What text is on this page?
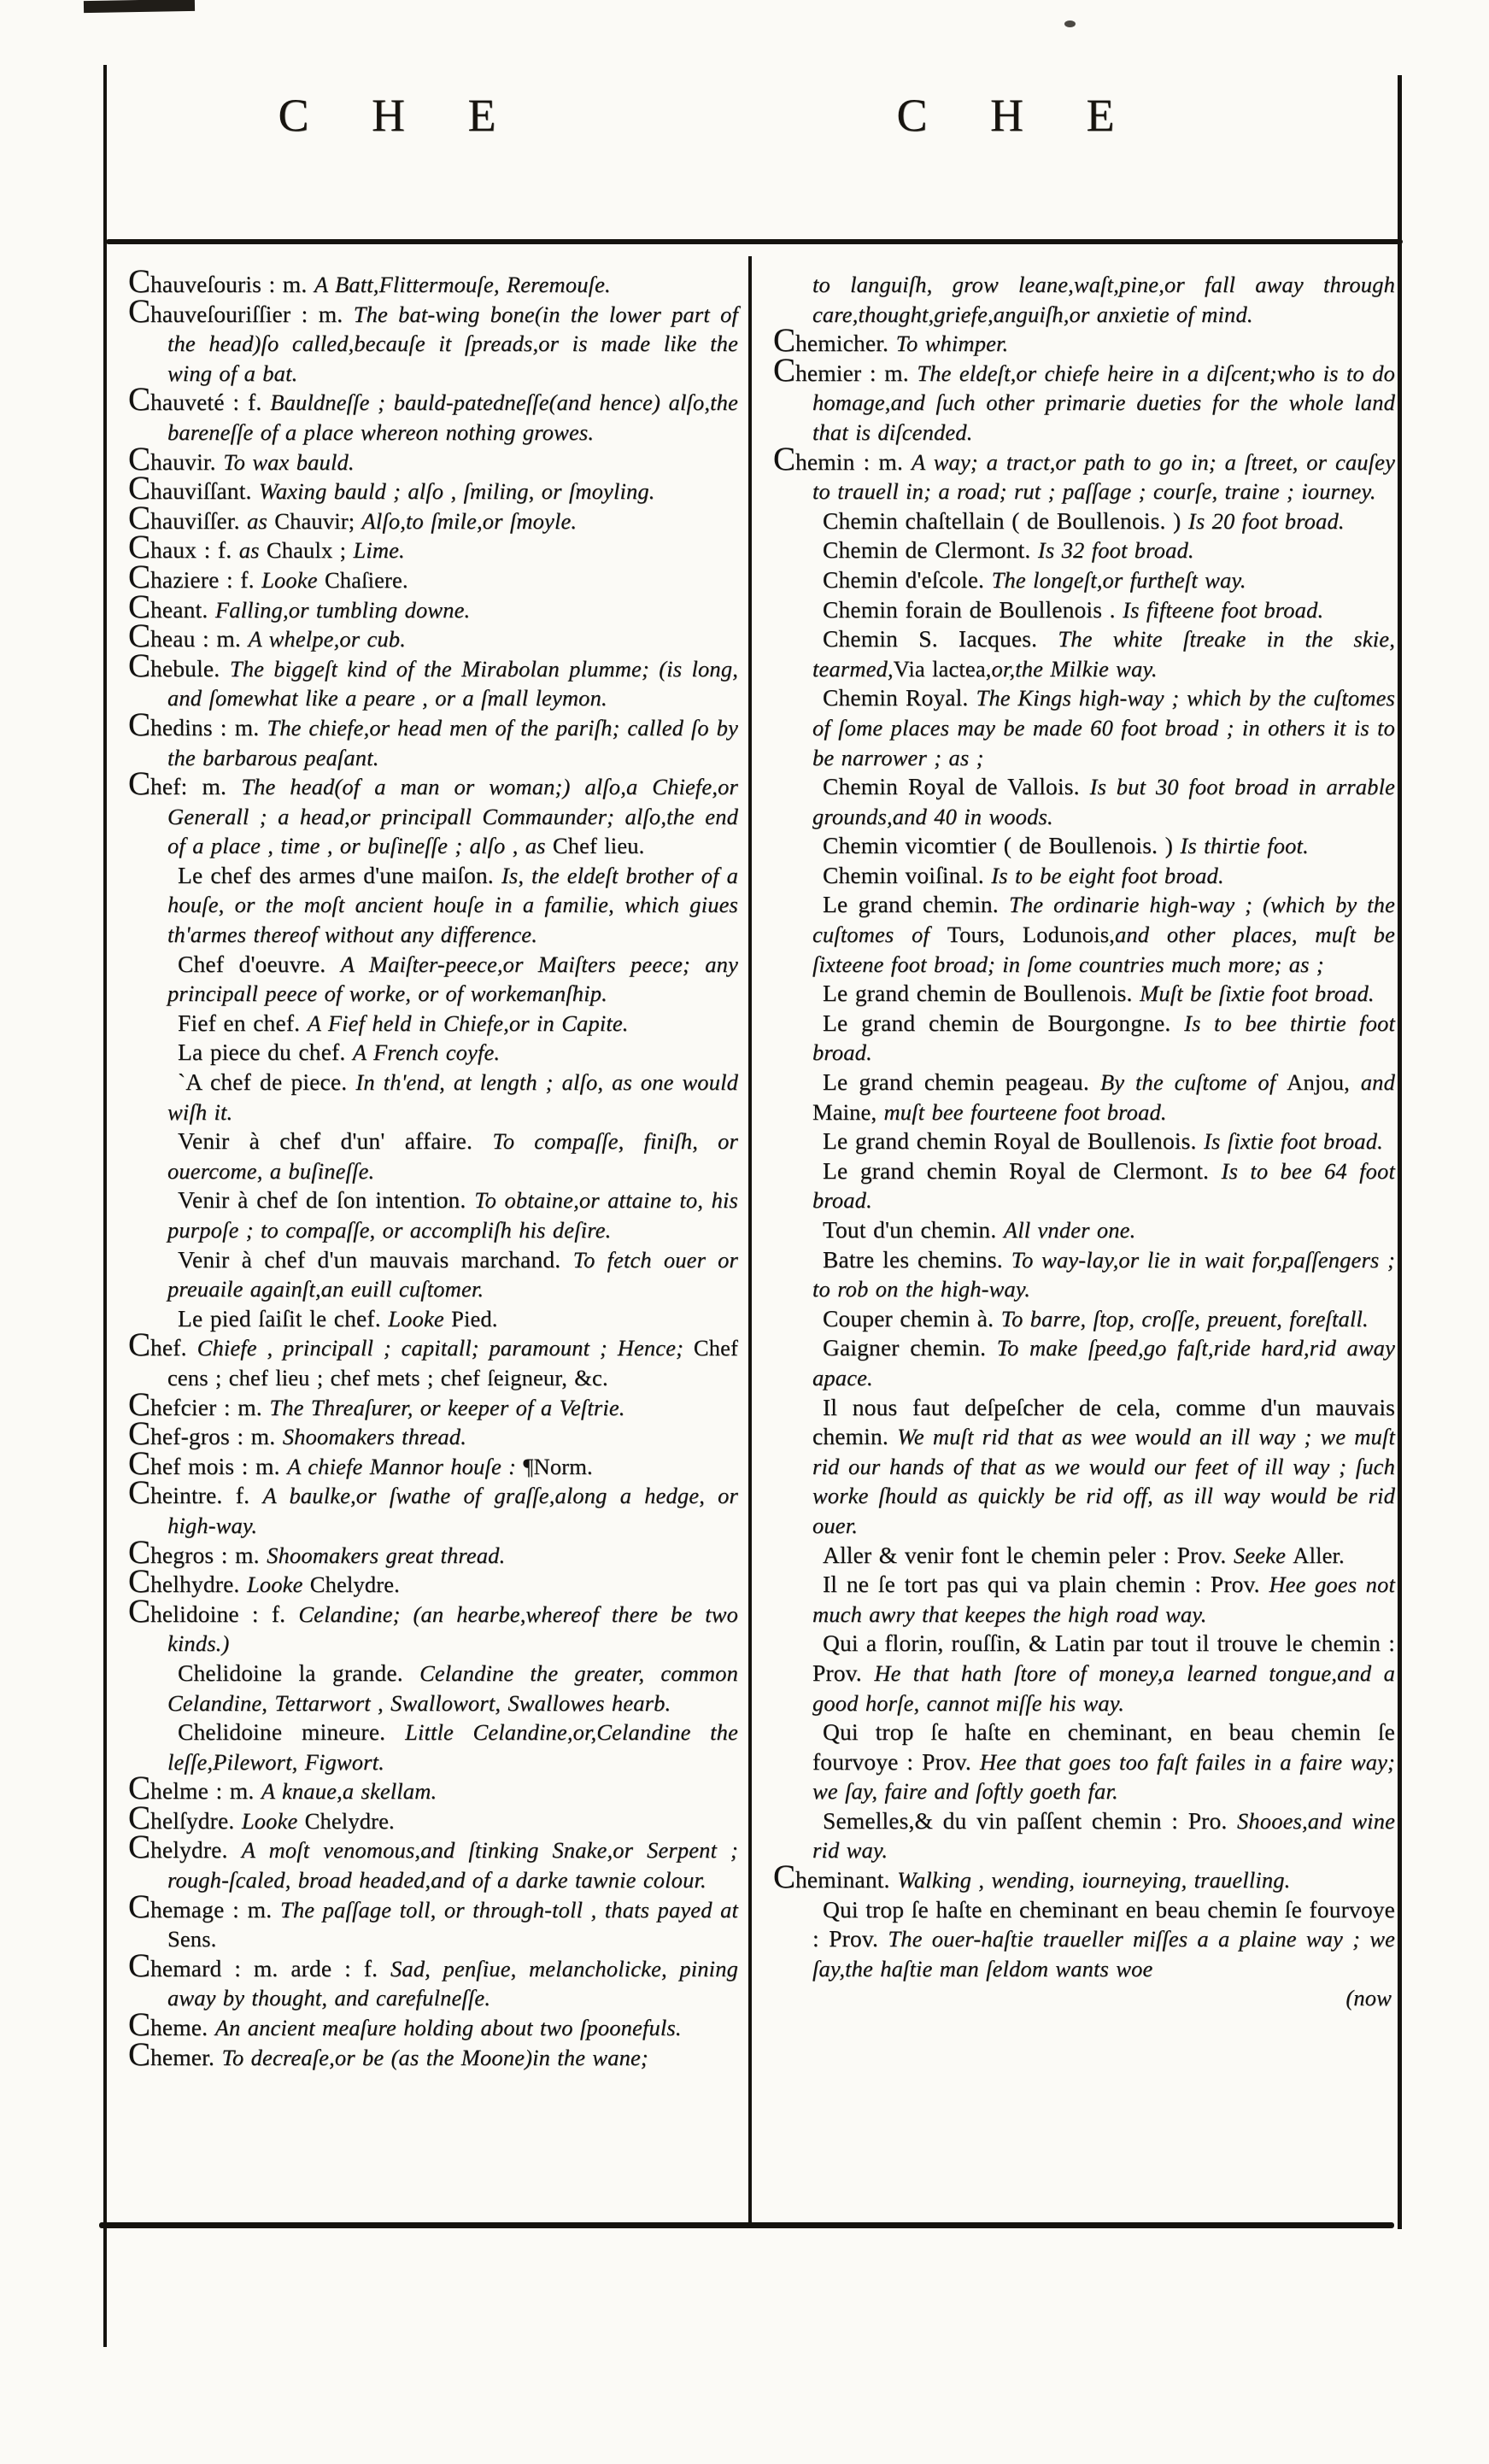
C H E	C H E

Chauveſouris : m. A Batt,Flittermouſe, Reremouſe.

Chauveſouriſſier : m. The bat-wing bone(in the lower part of the head)ſo called,becauſe it ſpreads,or is made like the wing of a bat.

Chauveté : f. Bauldneſſe ; bauld-patedneſſe(and hence) alſo,the bareneſſe of a place whereon nothing growes.

Chauvir. To wax bauld.

Chauviſſant. Waxing bauld ; alſo , ſmiling, or ſmoyling.

Chauviſſer. as Chauvir; Alſo,to ſmile,or ſmoyle.

Chaux : f. as Chaulx ; Lime.

Chaziere : f. Looke Chaſiere.

Cheant. Falling,or tumbling downe.

Cheau : m. A whelpe,or cub.

Chebule. The biggeſt kind of the Mirabolan plumme; (is long, and ſomewhat like a peare , or a ſmall leymon.

Chedins : m. The chiefe,or head men of the pariſh; called ſo by the barbarous peaſant.

Chef: m. The head(of a man or woman;) alſo,a Chiefe,or Generall ; a head,or principall Commaunder; alſo,the end of a place , time , or buſineſſe ; alſo , as Chef lieu.

Le chef des armes d'une maiſon. Is, the eldeſt brother of a houſe, or the moſt ancient houſe in a familie, which giues th'armes thereof without any difference.

Chef d'oeuvre. A Maiſter-peece,or Maiſters peece; any principall peece of worke, or of workemanſhip.

Fief en chef. A Fief held in Chiefe,or in Capite.

La piece du chef. A French coyfe.

`A chef de piece. In th'end, at length ; alſo, as one would wiſh it.

Venir à chef d'un' affaire. To compaſſe, finiſh, or ouercome, a buſineſſe.

Venir à chef de ſon intention. To obtaine,or attaine to, his purpoſe ; to compaſſe, or accompliſh his deſire.

Venir à chef d'un mauvais marchand. To fetch ouer or preuaile againſt,an euill cuſtomer.

Le pied ſaiſit le chef. Looke Pied.

Chef. Chiefe , principall ; capitall; paramount ; Hence; Chef cens ; chef lieu ; chef mets ; chef ſeigneur, &c.

Chefcier : m. The Threaſurer, or keeper of a Veſtrie.

Chef-gros : m. Shoomakers thread.

Chef mois : m. A chiefe Mannor houſe : ¶Norm.

Cheintre. f. A baulke,or ſwathe of graſſe,along a hedge, or high-way.

Chegros : m. Shoomakers great thread.

Chelhydre. Looke Chelydre.

Chelidoine : f. Celandine; (an hearbe,whereof there be two kinds.)

Chelidoine la grande. Celandine the greater, common Celandine, Tettarwort , Swallowort, Swallowes hearb.

Chelidoine mineure. Little Celandine,or,Celandine the leſſe,Pilewort, Figwort.

Chelme : m. A knaue,a skellam.

Chelſydre. Looke Chelydre.

Chelydre. A moſt venomous,and ſtinking Snake,or Serpent ; rough-ſcaled, broad headed,and of a darke tawnie colour.

Chemage : m. The paſſage toll, or through-toll , thats payed at Sens.

Chemard : m. arde : f. Sad, penſiue, melancholicke, pining away by thought, and carefulneſſe.

Cheme. An ancient meaſure holding about two ſpoonefuls.

Chemer. To decreaſe,or be (as the Moone)in the wane;

to languiſh, grow leane,waſt,pine,or fall away through care,thought,griefe,anguiſh,or anxietie of mind.

Chemicher. To whimper.

Chemier : m. The eldeſt,or chiefe heire in a diſcent;who is to do homage,and ſuch other primarie dueties for the whole land that is diſcended.

Chemin : m. A way; a tract,or path to go in; a ſtreet, or cauſey to trauell in; a road; rut ; paſſage ; courſe, traine ; iourney.

Chemin chaſtellain ( de Boullenois. ) Is 20 foot broad.

Chemin de Clermont. Is 32 foot broad.

Chemin d'eſcole. The longeſt,or furtheſt way.

Chemin forain de Boullenois . Is fifteene foot broad.

Chemin S. Iacques. The white ſtreake in the skie, tearmed,Via lactea,or,the Milkie way.

Chemin Royal. The Kings high-way ; which by the cuſtomes of ſome places may be made 60 foot broad ; in others it is to be narrower ; as ;

Chemin Royal de Vallois. Is but 30 foot broad in arrable grounds,and 40 in woods.

Chemin vicomtier ( de Boullenois. ) Is thirtie foot.

Chemin voiſinal. Is to be eight foot broad.

Le grand chemin. The ordinarie high-way ; (which by the cuſtomes of Tours, Lodunois,and other places, muſt be ſixteene foot broad; in ſome countries much more; as ;

Le grand chemin de Boullenois. Muſt be ſixtie foot broad.

Le grand chemin de Bourgongne. Is to bee thirtie foot broad.

Le grand chemin peageau. By the cuſtome of Anjou, and Maine, muſt bee fourteene foot broad.

Le grand chemin Royal de Boullenois. Is ſixtie foot broad.

Le grand chemin Royal de Clermont. Is to bee 64 foot broad.

Tout d'un chemin. All vnder one.

Batre les chemins. To way-lay,or lie in wait for,paſſengers ; to rob on the high-way.

Couper chemin à. To barre, ſtop, croſſe, preuent, foreſtall.

Gaigner chemin. To make ſpeed,go faſt,ride hard,rid away apace.

Il nous faut deſpeſcher de cela, comme d'un mauvais chemin. We muſt rid that as wee would an ill way ; we muſt rid our hands of that as we would our feet of ill way ; ſuch worke ſhould as quickly be rid off, as ill way would be rid ouer.

Aller & venir font le chemin peler : Prov. Seeke Aller.

Il ne ſe tort pas qui va plain chemin : Prov. Hee goes not much awry that keepes the high road way.

Qui a florin, rouſſin, & Latin par tout il trouve le chemin : Prov. He that hath ſtore of money,a learned tongue,and a good horſe, cannot miſſe his way.

Qui trop ſe haſte en cheminant, en beau chemin ſe fourvoye : Prov. Hee that goes too faſt failes in a faire way; we ſay, faire and ſoftly goeth far.

Semelles,& du vin paſſent chemin : Pro. Shooes,and wine rid way.

Cheminant. Walking , wending, iourneying, trauelling.

Qui trop ſe haſte en cheminant en beau chemin ſe fourvoye : Prov. The ouer-haſtie traueller miſſes a a plaine way ; we ſay,the haſtie man ſeldom wants woe

(now
